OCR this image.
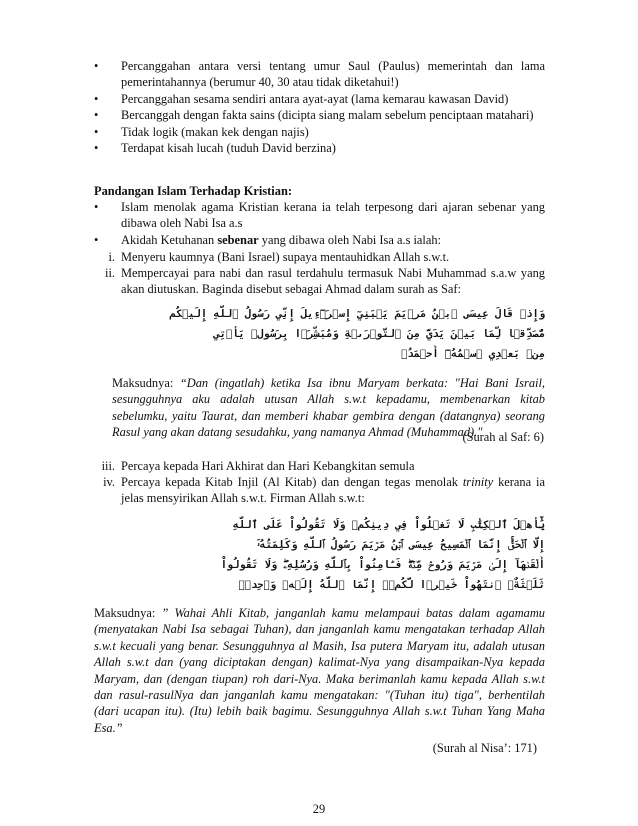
•	Percanggahan antara versi tentang umur Saul (Paulus) memerintah dan lama pemerintahannya (berumur 40, 30 atau tidak diketahui!)
•	Percanggahan sesama sendiri antara ayat-ayat (lama kemarau kawasan David)
•	Bercanggah dengan fakta sains (dicipta siang malam sebelum penciptaan matahari)
•	Tidak logik (makan kek dengan najis)
•	Terdapat kisah lucah (tuduh David berzina)
Pandangan Islam Terhadap Kristian:
•	Islam menolak agama Kristian kerana ia telah terpesong dari ajaran sebenar yang dibawa oleh Nabi Isa a.s
•	Akidah Ketuhanan sebenar yang dibawa oleh Nabi Isa a.s ialah:
i. Menyeru kaumnya (Bani Israel) supaya mentauhidkan Allah s.w.t.
ii. Mempercayai para nabi dan rasul terdahulu termasuk Nabi Muhammad s.a.w yang akan diutuskan. Baginda disebut sebagai Ahmad dalam surah as Saf:
﻿وَإِذۡ قَالَ عِيسَى ٱبۡنُ مَرۡيَمَ يَٰبَنِيٓ إِسۡرَٰٓءِيلَ إِنِّي رَسُولُ ٱللَّهِ إِلَيۡكُم
مُّصَدِّقٗا لِّمَا بَيۡنَ يَدَيَّ مِنَ ٱلتَّوۡرَىٰةِ وَمُبَشِّرَۢا بِرَسُولٖ يَأۡتِي
مِنۢ بَعۡدِي ٱسۡمُهُۥٓ أَحۡمَدُۖ
Maksudnya: “Dan (ingatlah) ketika Isa ibnu Maryam berkata: "Hai Bani Israil, sesungguhnya aku adalah utusan Allah s.w.t kepadamu, membenarkan kitab sebelumku, yaitu Taurat, dan memberi khabar gembira dengan (datangnya) seorang Rasul yang akan datang sesudahku, yang namanya Ahmad (Muhammad)."
(Surah al Saf: 6)
iii. Percaya kepada Hari Akhirat dan Hari Kebangkitan semula
iv. Percaya kepada Kitab Injil (Al Kitab) dan dengan tegas menolak trinity kerana ia jelas mensyirikan Allah s.w.t. Firman Allah s.w.t:
يَٰٓأَهۡلَ ٱلۡكِتَٰبِ لَا تَغۡلُواْ فِي دِينِكُمۡ وَلَا تَقُولُواْ عَلَى ٱللَّهِ
إِلَّا ٱلۡحَقَّۚ إِنَّمَا ٱلۡمَسِيحُ عِيسَى ٱبۡنُ مَرۡيَمَ رَسُولُ ٱللَّهِ وَكَلِمَتُهُۥٓ
أَلۡقَىٰهَآ إِلَىٰ مَرۡيَمَ وَرُوحٞ مِّنۡهُۖ فَـَٔامِنُواْ بِٱللَّهِ وَرُسُلِهِۦۖ وَلَا تَقُولُواْ
ثَلَٰثَةٌۚ ٱنتَهُواْ خَيۡرٗا لَّكُمۡۚ إِنَّمَا ٱللَّهُ إِلَٰهٞ وَٰحِدٞۖ
Maksudnya: ” Wahai Ahli Kitab, janganlah kamu melampaui batas dalam agamamu (menyatakan Nabi Isa sebagai Tuhan), dan janganlah kamu mengatakan terhadap Allah s.w.t kecuali yang benar. Sesungguhnya al Masih, Isa putera Maryam itu, adalah utusan Allah s.w.t dan (yang diciptakan dengan) kalimat-Nya yang disampaikan-Nya kepada Maryam, dan (dengan tiupan) roh dari-Nya. Maka berimanlah kamu kepada Allah s.w.t dan rasul-rasulNya dan janganlah kamu mengatakan: "(Tuhan itu) tiga", berhentilah (dari ucapan itu). (Itu) lebih baik bagimu. Sesungguhnya Allah s.w.t Tuhan Yang Maha Esa.”
(Surah al Nisa’: 171)
29
